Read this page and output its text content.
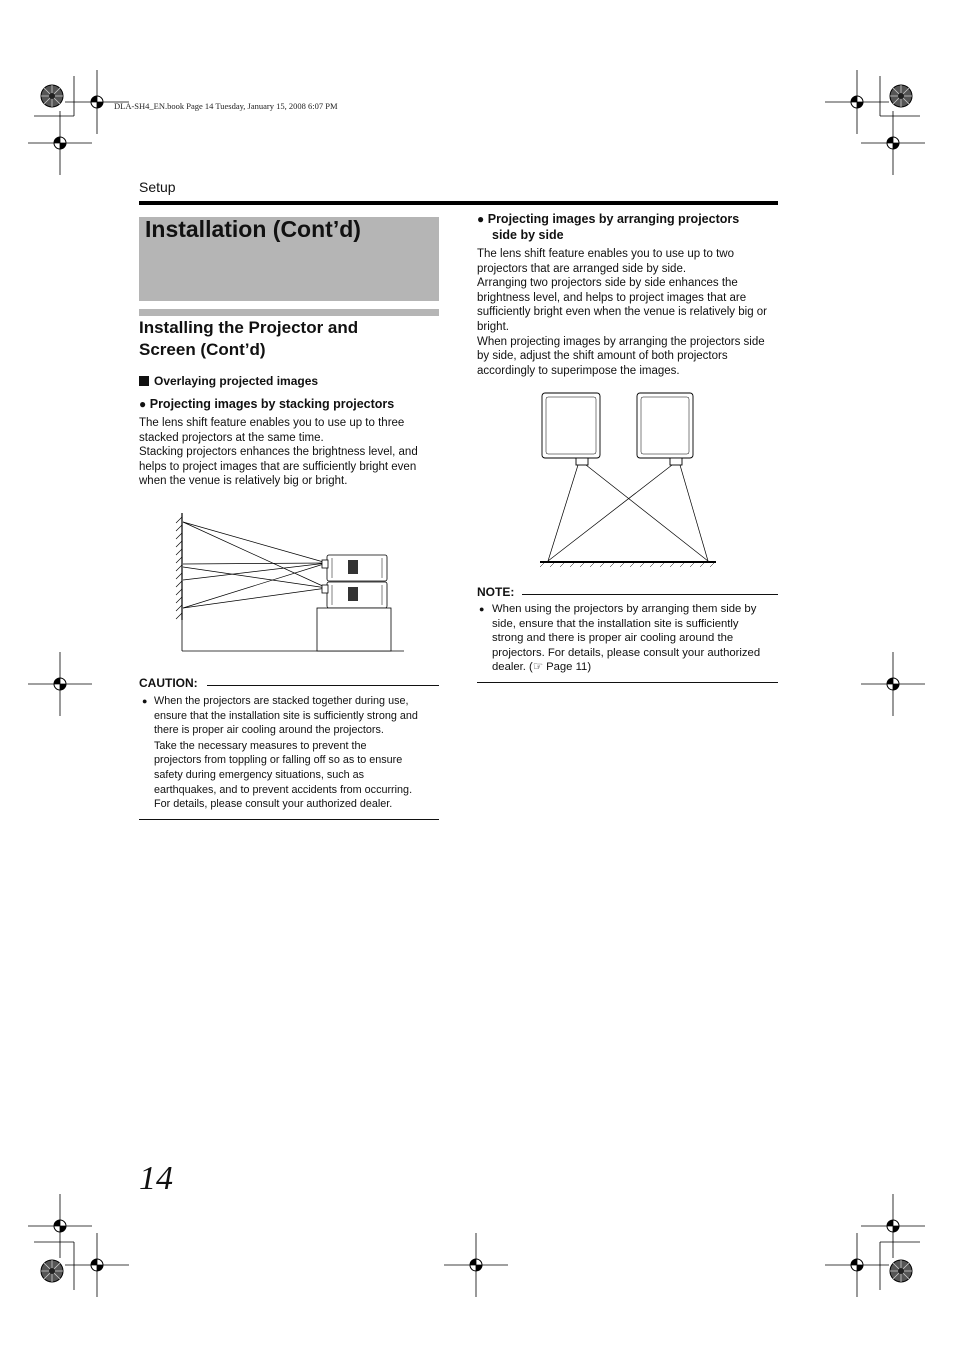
DLA-SH4_EN.book Page 14 Tuesday, January 15, 2008 6:07 PM
Setup
Installation (Cont’d)
Installing the Projector and
Screen (Cont’d)
Overlaying projected images
● Projecting images by stacking projectors
The lens shift feature enables you to use up to three
stacked projectors at the same time.
Stacking projectors enhances the brightness level, and
helps to project images that are sufficiently bright even
when the venue is relatively big or bright.
CAUTION:
● When the projectors are stacked together during use,
ensure that the installation site is sufficiently strong and
there is proper air cooling around the projectors.
Take the necessary measures to prevent the
projectors from toppling or falling off so as to ensure
safety during emergency situations, such as
earthquakes, and to prevent accidents from occurring.
For details, please consult your authorized dealer.
● Projecting images by arranging projectors
side by side
The lens shift feature enables you to use up to two
projectors that are arranged side by side.
Arranging two projectors side by side enhances the
brightness level, and helps to project images that are
sufficiently bright even when the venue is relatively big or
bright.
When projecting images by arranging the projectors side
by side, adjust the shift amount of both projectors
accordingly to superimpose the images.
NOTE:
● When using the projectors by arranging them side by
side, ensure that the installation site is sufficiently
strong and there is proper air cooling around the
projectors. For details, please consult your authorized
dealer. (☞ Page 11)
14
